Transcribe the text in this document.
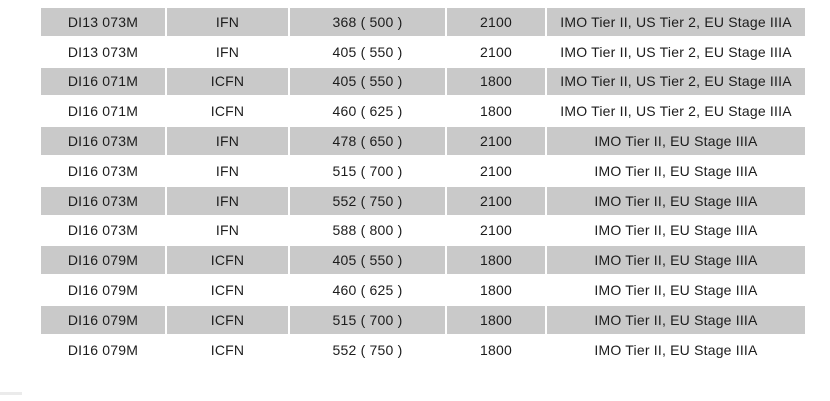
DI13 073M	IFN	368 ( 500 )	2100	IMO Tier II, US Tier 2, EU Stage IIIA
DI13 073M	IFN	405 ( 550 )	2100	IMO Tier II, US Tier 2, EU Stage IIIA
DI16 071M	ICFN	405 ( 550 )	1800	IMO Tier II, US Tier 2, EU Stage IIIA
DI16 071M	ICFN	460 ( 625 )	1800	IMO Tier II, US Tier 2, EU Stage IIIA
DI16 073M	IFN	478 ( 650 )	2100	IMO Tier II, EU Stage IIIA
DI16 073M	IFN	515 ( 700 )	2100	IMO Tier II, EU Stage IIIA
DI16 073M	IFN	552 ( 750 )	2100	IMO Tier II, EU Stage IIIA
DI16 073M	IFN	588 ( 800 )	2100	IMO Tier II, EU Stage IIIA
DI16 079M	ICFN	405 ( 550 )	1800	IMO Tier II, EU Stage IIIA
DI16 079M	ICFN	460 ( 625 )	1800	IMO Tier II, EU Stage IIIA
DI16 079M	ICFN	515 ( 700 )	1800	IMO Tier II, EU Stage IIIA
DI16 079M	ICFN	552 ( 750 )	1800	IMO Tier II, EU Stage IIIA
